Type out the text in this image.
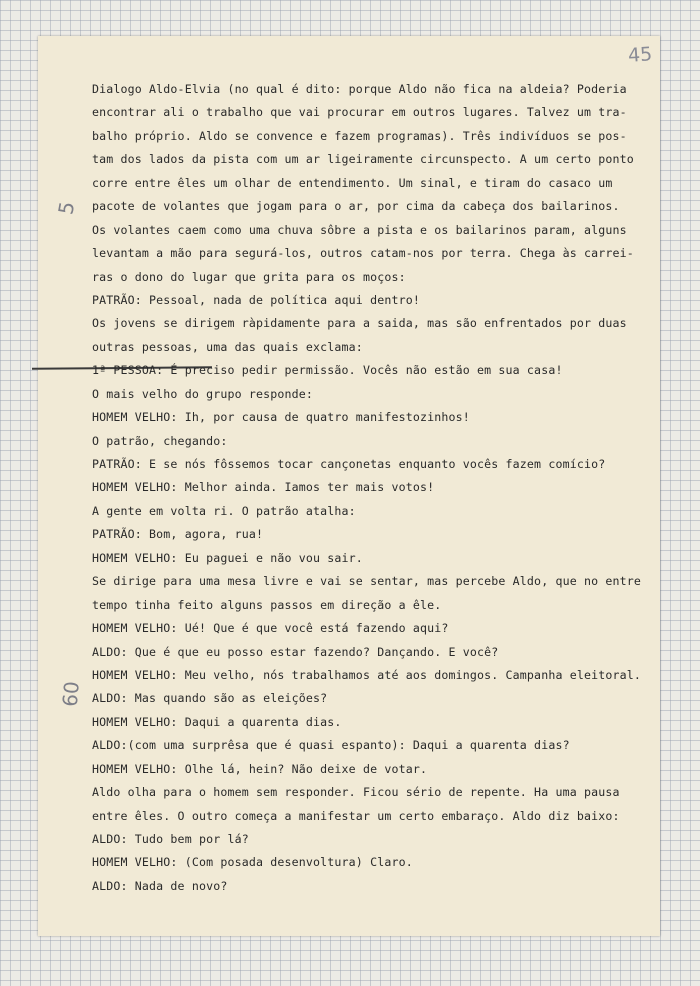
45
5
60
Dialogo Aldo-Elvia (no qual é dito: porque Aldo não fica na aldeia? Poderia
encontrar ali o trabalho que vai procurar em outros lugares. Talvez um tra-
balho próprio. Aldo se convence e fazem programas). Três indivíduos se pos-
tam dos lados da pista com um ar ligeiramente circunspecto. A um certo ponto
corre entre êles um olhar de entendimento. Um sinal, e tiram do casaco um
pacote de volantes que jogam para o ar, por cima da cabeça dos bailarinos.
Os volantes caem como uma chuva sôbre a pista e os bailarinos param, alguns
levantam a mão para segurá-los, outros catam-nos por terra. Chega às carrei-
ras o dono do lugar que grita para os moços:
PATRÃO: Pessoal, nada de política aqui dentro!
Os jovens se dirigem ràpidamente para a saida, mas são enfrentados por duas
outras pessoas, uma das quais exclama:
1ª PESSOA: É preciso pedir permissão. Vocês não estão em sua casa!
O mais velho do grupo responde:
HOMEM VELHO: Ih, por causa de quatro manifestozinhos!
O patrão, chegando:
PATRÃO: E se nós fôssemos tocar cançonetas enquanto vocês fazem comício?
HOMEM VELHO: Melhor ainda. Iamos ter mais votos!
A gente em volta ri. O patrão atalha:
PATRÃO: Bom, agora, rua!
HOMEM VELHO: Eu paguei e não vou sair.
Se dirige para uma mesa livre e vai se sentar, mas percebe Aldo, que no entre
tempo tinha feito alguns passos em direção a êle.
HOMEM VELHO: Ué! Que é que você está fazendo aqui?
ALDO: Que é que eu posso estar fazendo? Dançando. E você?
HOMEM VELHO: Meu velho, nós trabalhamos até aos domingos. Campanha eleitoral.
ALDO: Mas quando são as eleições?
HOMEM VELHO: Daqui a quarenta dias.
ALDO:(com uma surprêsa que é quasi espanto): Daqui a quarenta dias?
HOMEM VELHO: Olhe lá, hein? Não deixe de votar.
Aldo olha para o homem sem responder. Ficou sério de repente. Ha uma pausa
entre êles. O outro começa a manifestar um certo embaraço. Aldo diz baixo:
ALDO: Tudo bem por lá?
HOMEM VELHO: (Com posada desenvoltura) Claro.
ALDO: Nada de novo?
